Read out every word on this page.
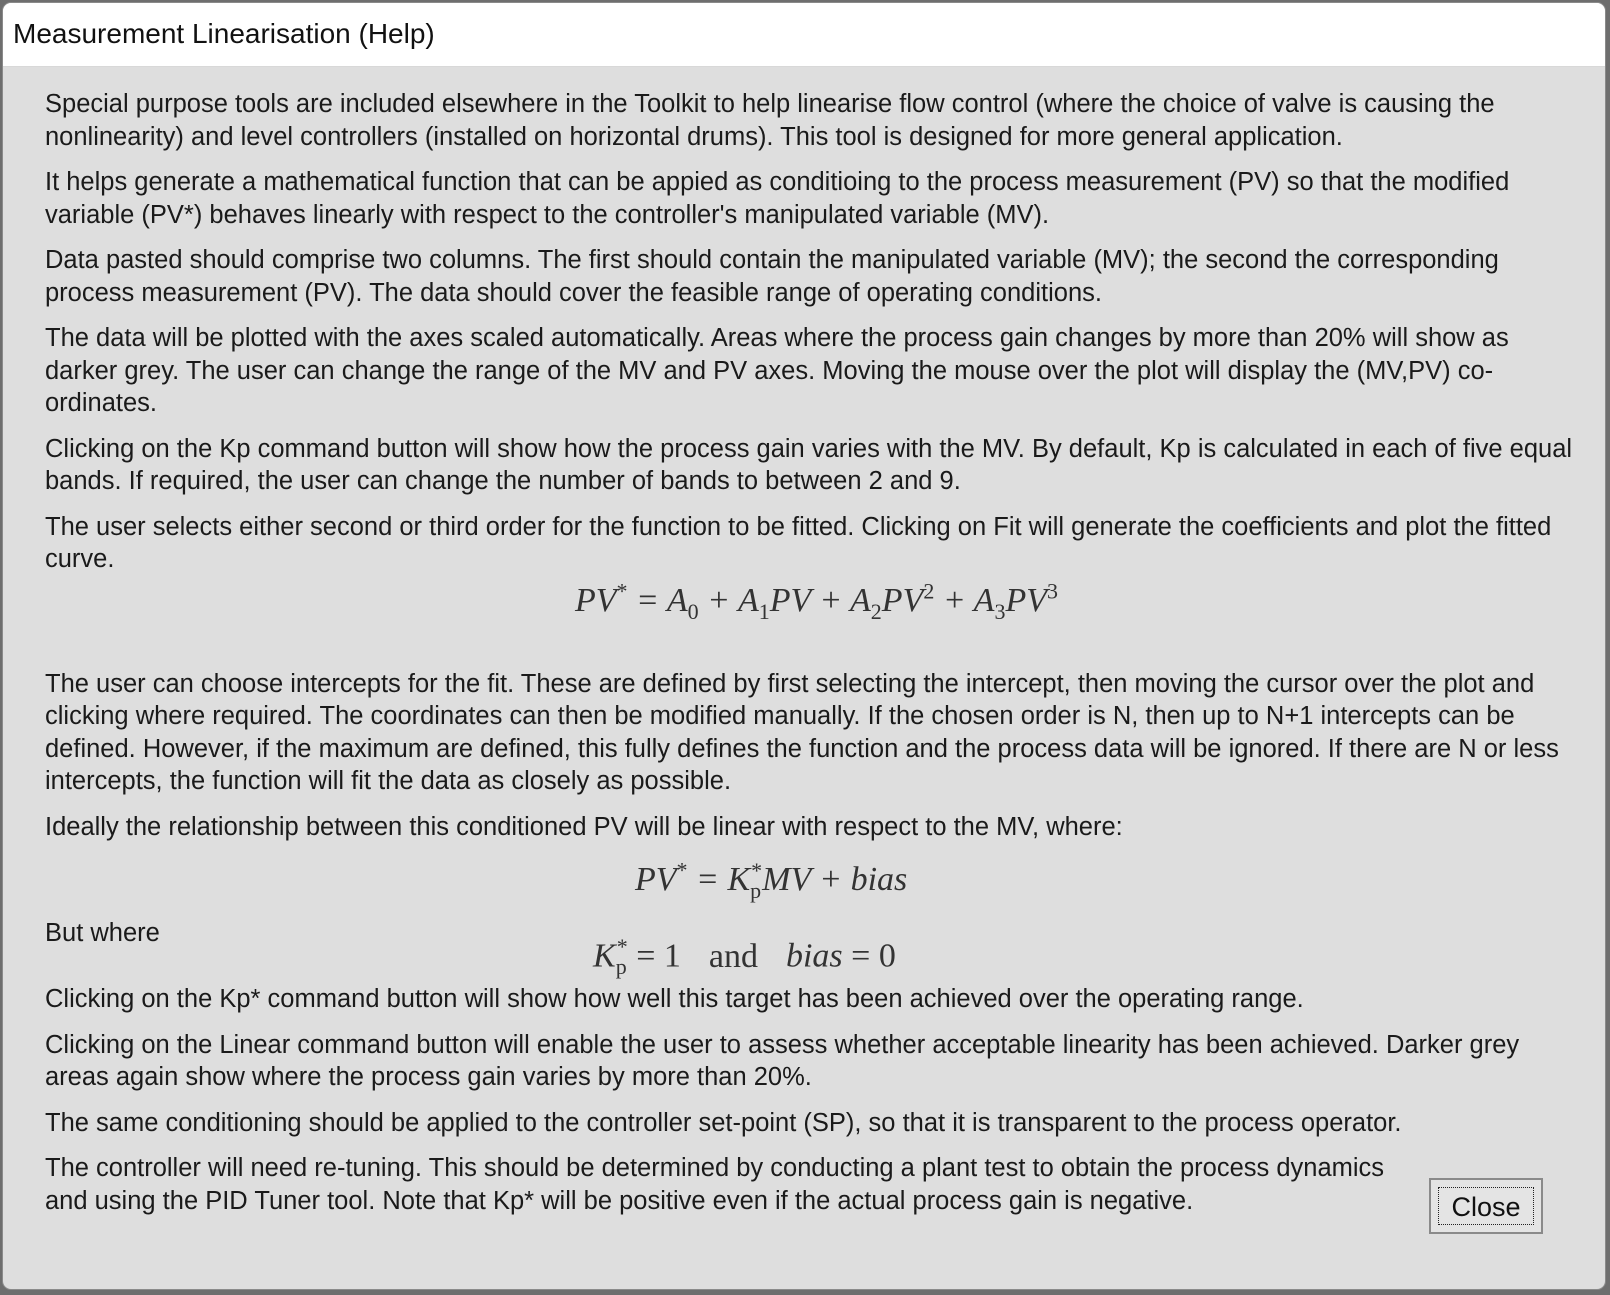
Measurement Linearisation (Help)

Special purpose tools are included elsewhere in the Toolkit to help linearise flow control (where the choice of valve is causing the nonlinearity) and level controllers (installed on horizontal drums). This tool is designed for more general application.

It helps generate a mathematical function that can be appied as conditioing to the process measurement (PV) so that the modified variable (PV*) behaves linearly with respect to the controller's manipulated variable (MV).

Data pasted should comprise two columns. The first should contain the manipulated variable (MV); the second the corresponding process measurement (PV). The data should cover the feasible range of operating conditions.

The data will be plotted with the axes scaled automatically. Areas where the process gain changes by more than 20% will show as darker grey. The user can change the range of the MV and PV axes. Moving the mouse over the plot will display the (MV,PV) co-ordinates.

Clicking on the Kp command button will show how the process gain varies with the MV. By default, Kp is calculated in each of five equal bands. If required, the user can change the number of bands to between 2 and 9.

The user selects either second or third order for the function to be fitted. Clicking on Fit will generate the coefficients and plot the fitted curve.

$PV^* = A_0 + A_1PV + A_2PV^2 + A_3PV^3$

The user can choose intercepts for the fit. These are defined by first selecting the intercept, then moving the cursor over the plot and clicking where required. The coordinates can then be modified manually. If the chosen order is N, then up to N+1 intercepts can be defined. However, if the maximum are defined, this fully defines the function and the process data will be ignored. If there are N or less intercepts, the function will fit the data as closely as possible.

Ideally the relationship between this conditioned PV will be linear with respect to the MV, where:

$PV^* = K_p^*MV$ + bias
But where
$K_p^* = 1$ and bias = 0

Clicking on the Kp* command button will show how well this target has been achieved over the operating range.

Clicking on the Linear command button will enable the user to assess whether acceptable linearity has been achieved. Darker grey areas again show where the process gain varies by more than 20%.

The same conditioning should be applied to the controller set-point (SP), so that it is transparent to the process operator.

The controller will need re-tuning. This should be determined by conducting a plant test to obtain the process dynamics and using the PID Tuner tool. Note that Kp* will be positive even if the actual process gain is negative.	Close
